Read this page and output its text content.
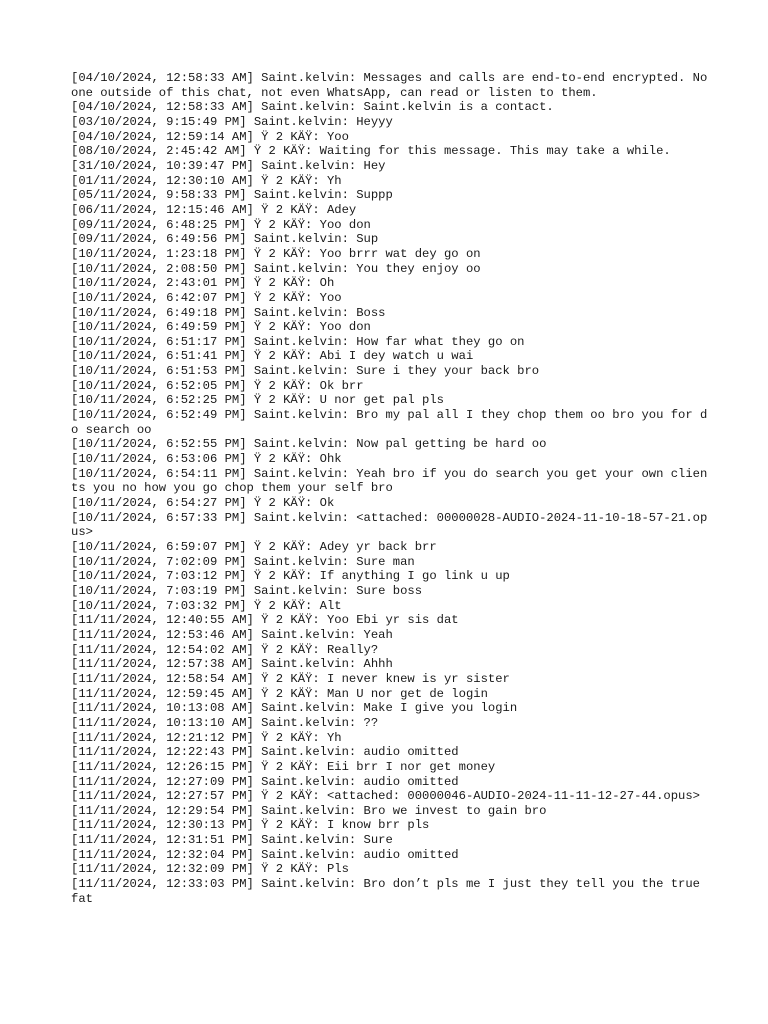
[04/10/2024, 12:58:33 AM] Saint.kelvin: Messages and calls are end-to-end encrypted. No one outside of this chat, not even WhatsApp, can read or listen to them.
[04/10/2024, 12:58:33 AM] Saint.kelvin: Saint.kelvin is a contact.
[03/10/2024, 9:15:49 PM] Saint.kelvin: Heyyy
[04/10/2024, 12:59:14 AM] Ÿ 2 KÄŸ: Yoo
[08/10/2024, 2:45:42 AM] Ÿ 2 KÄŸ: Waiting for this message. This may take a while.
[31/10/2024, 10:39:47 PM] Saint.kelvin: Hey
[01/11/2024, 12:30:10 AM] Ÿ 2 KÄŸ: Yh
[05/11/2024, 9:58:33 PM] Saint.kelvin: Suppp
[06/11/2024, 12:15:46 AM] Ÿ 2 KÄŸ: Adey
[09/11/2024, 6:48:25 PM] Ÿ 2 KÄŸ: Yoo don
[09/11/2024, 6:49:56 PM] Saint.kelvin: Sup
[10/11/2024, 1:23:18 PM] Ÿ 2 KÄŸ: Yoo brrr wat dey go on
[10/11/2024, 2:08:50 PM] Saint.kelvin: You they enjoy oo
[10/11/2024, 2:43:01 PM] Ÿ 2 KÄŸ: Oh
[10/11/2024, 6:42:07 PM] Ÿ 2 KÄŸ: Yoo
[10/11/2024, 6:49:18 PM] Saint.kelvin: Boss
[10/11/2024, 6:49:59 PM] Ÿ 2 KÄŸ: Yoo don
[10/11/2024, 6:51:17 PM] Saint.kelvin: How far what they go on
[10/11/2024, 6:51:41 PM] Ÿ 2 KÄŸ: Abi I dey watch u wai
[10/11/2024, 6:51:53 PM] Saint.kelvin: Sure i they your back bro
[10/11/2024, 6:52:05 PM] Ÿ 2 KÄŸ: Ok brr
[10/11/2024, 6:52:25 PM] Ÿ 2 KÄŸ: U nor get pal pls
[10/11/2024, 6:52:49 PM] Saint.kelvin: Bro my pal all I they chop them oo bro you for do search oo
[10/11/2024, 6:52:55 PM] Saint.kelvin: Now pal getting be hard oo
[10/11/2024, 6:53:06 PM] Ÿ 2 KÄŸ: Ohk
[10/11/2024, 6:54:11 PM] Saint.kelvin: Yeah bro if you do search you get your own clients you no how you go chop them your self bro
[10/11/2024, 6:54:27 PM] Ÿ 2 KÄŸ: Ok
[10/11/2024, 6:57:33 PM] Saint.kelvin: <attached: 00000028-AUDIO-2024-11-10-18-57-21.opus>
[10/11/2024, 6:59:07 PM] Ÿ 2 KÄŸ: Adey yr back brr
[10/11/2024, 7:02:09 PM] Saint.kelvin: Sure man
[10/11/2024, 7:03:12 PM] Ÿ 2 KÄŸ: If anything I go link u up
[10/11/2024, 7:03:19 PM] Saint.kelvin: Sure boss
[10/11/2024, 7:03:32 PM] Ÿ 2 KÄŸ: Alt
[11/11/2024, 12:40:55 AM] Ÿ 2 KÄŸ: Yoo Ebi yr sis dat
[11/11/2024, 12:53:46 AM] Saint.kelvin: Yeah
[11/11/2024, 12:54:02 AM] Ÿ 2 KÄŸ: Really?
[11/11/2024, 12:57:38 AM] Saint.kelvin: Ahhh
[11/11/2024, 12:58:54 AM] Ÿ 2 KÄŸ: I never knew is yr sister
[11/11/2024, 12:59:45 AM] Ÿ 2 KÄŸ: Man U nor get de login
[11/11/2024, 10:13:08 AM] Saint.kelvin: Make I give you login
[11/11/2024, 10:13:10 AM] Saint.kelvin: ??
[11/11/2024, 12:21:12 PM] Ÿ 2 KÄŸ: Yh
[11/11/2024, 12:22:43 PM] Saint.kelvin: audio omitted
[11/11/2024, 12:26:15 PM] Ÿ 2 KÄŸ: Eii brr I nor get money
[11/11/2024, 12:27:09 PM] Saint.kelvin: audio omitted
[11/11/2024, 12:27:57 PM] Ÿ 2 KÄŸ: <attached: 00000046-AUDIO-2024-11-11-12-27-44.opus>
[11/11/2024, 12:29:54 PM] Saint.kelvin: Bro we invest to gain bro
[11/11/2024, 12:30:13 PM] Ÿ 2 KÄŸ: I know brr pls
[11/11/2024, 12:31:51 PM] Saint.kelvin: Sure
[11/11/2024, 12:32:04 PM] Saint.kelvin: audio omitted
[11/11/2024, 12:32:09 PM] Ÿ 2 KÄŸ: Pls
[11/11/2024, 12:33:03 PM] Saint.kelvin: Bro don’t pls me I just they tell you the true fat
